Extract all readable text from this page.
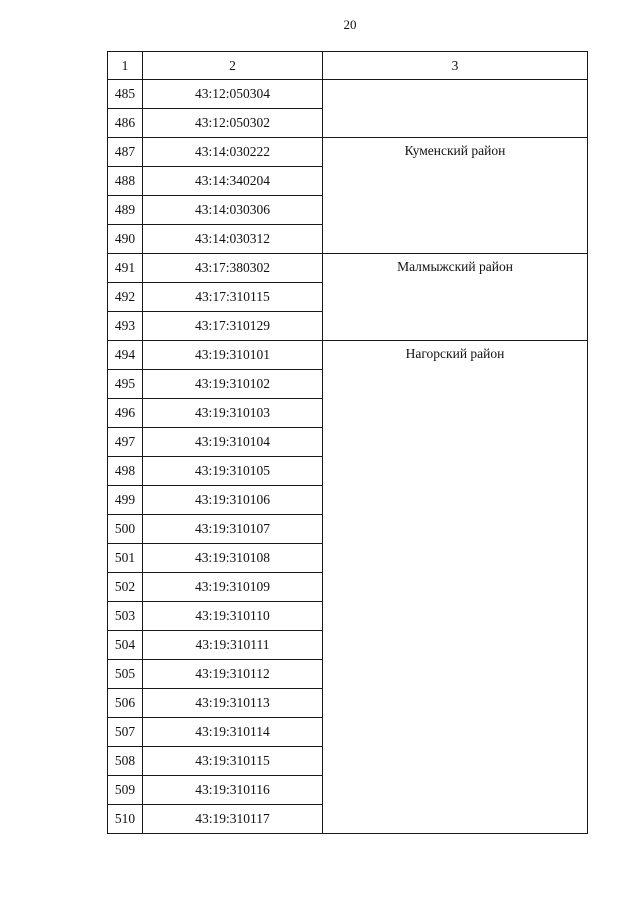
20
1	2	3
485	43:12:050304	
486	43:12:050302	
487	43:14:030222	Куменский район
488	43:14:340204	
489	43:14:030306	
490	43:14:030312	
491	43:17:380302	Малмыжский район
492	43:17:310115	
493	43:17:310129	
494	43:19:310101	Нагорский район
495	43:19:310102	
496	43:19:310103	
497	43:19:310104	
498	43:19:310105	
499	43:19:310106	
500	43:19:310107	
501	43:19:310108	
502	43:19:310109	
503	43:19:310110	
504	43:19:310111	
505	43:19:310112	
506	43:19:310113	
507	43:19:310114	
508	43:19:310115	
509	43:19:310116	
510	43:19:310117	
